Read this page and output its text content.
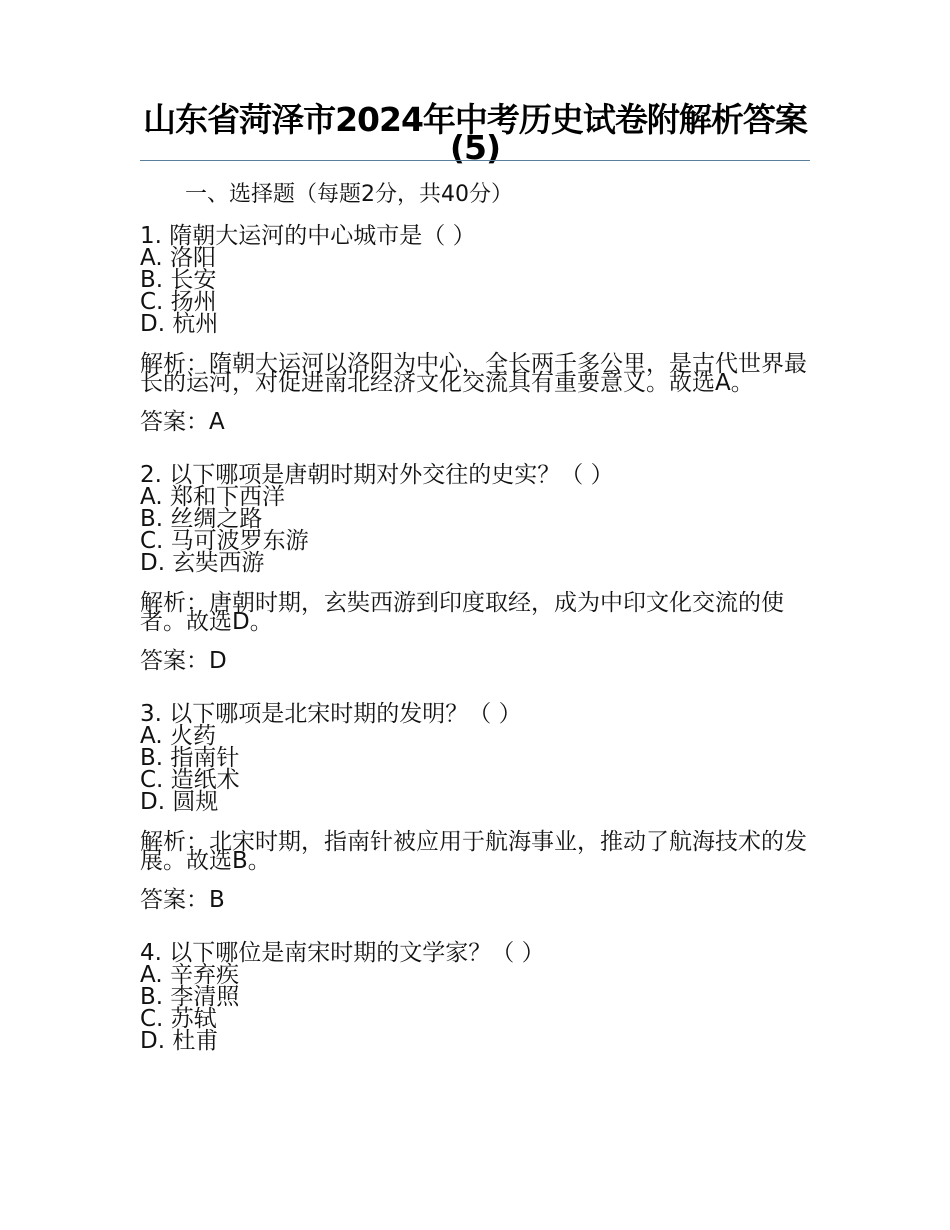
山东省菏泽市2024年中考历史试卷附解析答案(5)
一、选择题（每题2分，共40分）
1. 隋朝大运河的中心城市是（ ）
A. 洛阳
B. 长安
C. 扬州
D. 杭州
解析：隋朝大运河以洛阳为中心，全长两千多公里，是古代世界最长的运河，对促进南北经济文化交流具有重要意义。故选A。
答案：A
2. 以下哪项是唐朝时期对外交往的史实？（ ）
A. 郑和下西洋
B. 丝绸之路
C. 马可波罗东游
D. 玄奘西游
解析：唐朝时期，玄奘西游到印度取经，成为中印文化交流的使者。故选D。
答案：D
3. 以下哪项是北宋时期的发明？（ ）
A. 火药
B. 指南针
C. 造纸术
D. 圆规
解析：北宋时期，指南针被应用于航海事业，推动了航海技术的发展。故选B。
答案：B
4. 以下哪位是南宋时期的文学家？（ ）
A. 辛弃疾
B. 李清照
C. 苏轼
D. 杜甫
